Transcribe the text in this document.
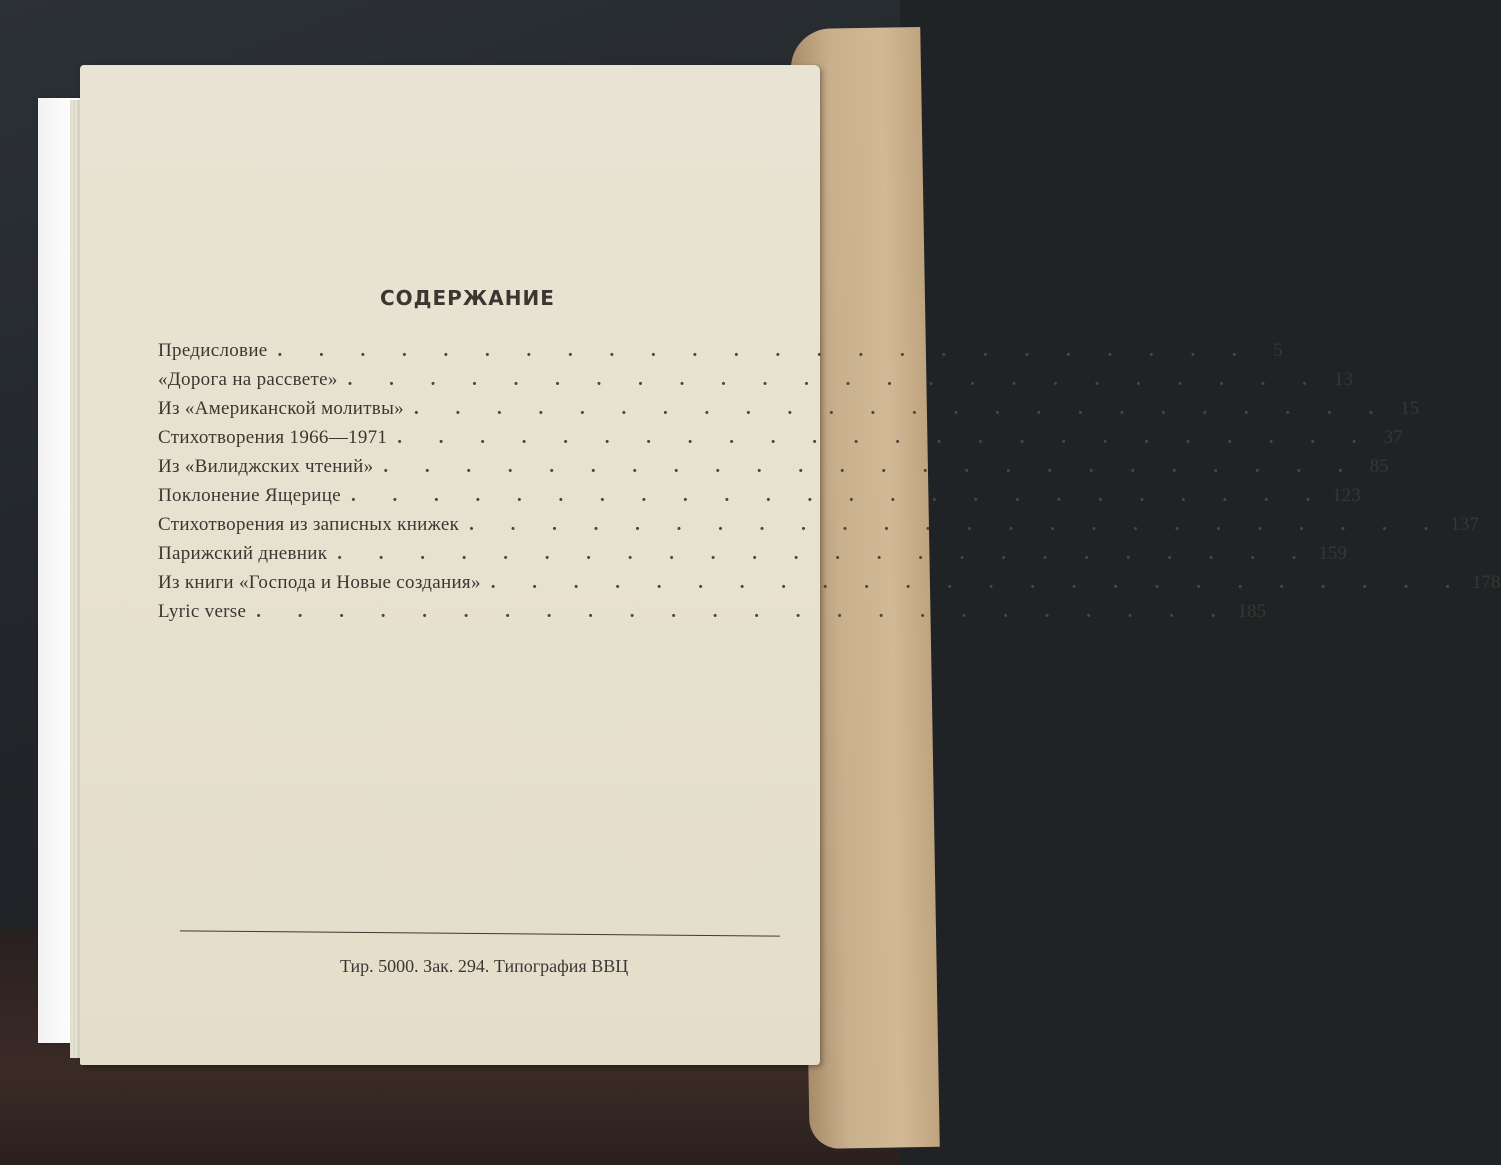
СОДЕРЖАНИЕ
Предисловие . . . . . . . . . . . . . . . . . . . . . . . .	5
«Дорога на рассвете» . . . . . . . . . . . . . . . . . . . . . . . . 13
Из «Американской молитвы» . . . . . . . . . . . . . . . . . . . . . . . . 15
Стихотворения 1966—1971 . . . . . . . . . . . . . . . . . . . . . . . . 37
Из «Вилиджских чтений» . . . . . . . . . . . . . . . . . . . . . . . . 85
Поклонение Ящерице . . . . . . . . . . . . . . . . . . . . . . . . 123
Стихотворения из записных книжек . . . . . . . . . . . . . . . . . . . . . . . . 137
Парижский дневник . . . . . . . . . . . . . . . . . . . . . . . . 159
Из книги «Господа и Новые создания» . . . . . . . . . . . . . . . . . . . . . . . . 178
Lyric verse . . . . . . . . . . . . . . . . . . . . . . . . 185
Тир. 5000. Зак. 294. Типография ВВЦ
